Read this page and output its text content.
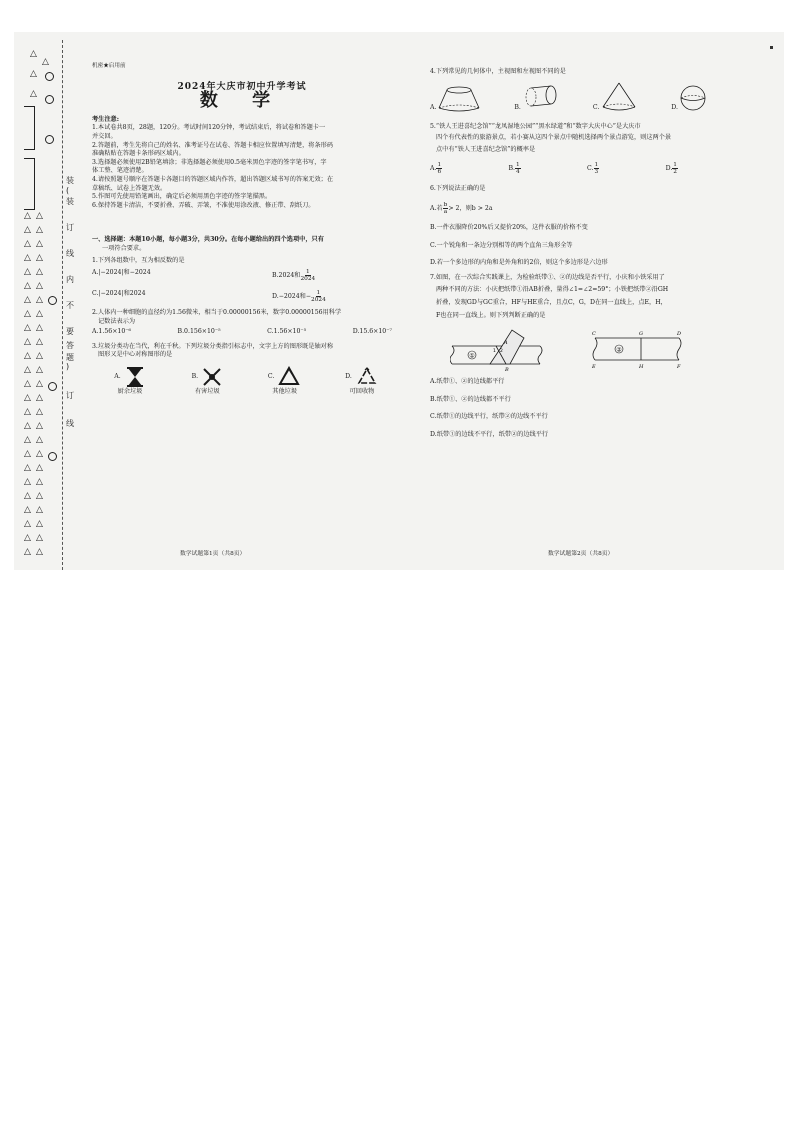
△
△
△
△
△ △
△ △
△ △
△ △
△ △
△ △
△ △
△ △
△ △
△ △
△ △
△ △
△ △
△ △
△ △
△ △
△ △
△ △
△ △
△ △
△ △
△ △
△ △
△ △
△ △
装
(
装
订
线
内
不
要
答
题
)
订
线

机密★启用前

2024年大庆市初中升学考试
数 学

考生注意:

1.本试卷共8页，28题，120分。考试时间120分钟，考试结束后，将试卷和答题卡一

并交回。

2.答题前，考生先将自己的姓名、准考证号在试卷、答题卡相应位置填写清楚，将条形码

准确粘贴在答题卡条形码区域内。

3.选择题必须使用2B铅笔填涂；非选择题必须使用0.5毫米黑色字迹的签字笔书写，字

体工整、笔迹清楚。

4.请按照题号顺序在答题卡各题目的答题区域内作答，超出答题区域书写的答案无效；在

草稿纸、试卷上答题无效。

5.作图可先使用铅笔画出，确定后必须用黑色字迹的签字笔描黑。

6.保持答题卡清洁，不要折叠、弄破、弄皱，不准使用涂改液、修正带、刮纸刀。

一、选择题：本题10小题，每小题3分，共30分。在每小题给出的四个选项中，只有

一项符合要求。

1.下列各组数中，互为相反数的是

A.|−2024|和−2024	B.2024和 $\frac{1}{2024}$
C.|−2024|和2024	D.−2024和− $\frac{1}{2024}$

2.人体内一种细胞的直径约为1.56微米，相当于0.00000156米，数字0.00000156用科学

记数法表示为

A.1.56×10⁻⁶	B.0.156×10⁻⁵	C.1.56×10⁻⁵	D.15.6×10⁻⁷

3.垃圾分类功在当代，利在千秋。下列垃圾分类指引标志中，文字上方的图形既是轴对称

图形又是中心对称图形的是

A.
厨余垃圾
B.
有害垃圾
C.
其他垃圾
D.
可回收物
数学试题第1页（共8页）

4.下列常见的几何体中，主视图和左视图不同的是

A.	B.	C.	D.

5.“铁人王进喜纪念馆”“龙凤湿地公园”“黑水绿道”和“数字大庆中心”是大庆市

四个有代表性的旅游景点，若小赛从这四个景点中随机选择两个景点游览，则这两个景

点中有“铁人王进喜纪念馆”的概率是

A. $\frac{1}{6}$	B. $\frac{1}{4}$	C. $\frac{1}{3}$	D. $\frac{1}{2}$

6.下列说法正确的是

A.若 $\frac{b}{a} > 2$，则b > 2a

B.一件衣服降价20%后又提价20%，这件衣服的价格不变

C.一个锐角和一条边分别相等的两个直角三角形全等

D.若一个多边形的内角和是外角和的2倍，则这个多边形是六边形

7.如图，在一次综合实践课上，为检验纸带①、②的边线是否平行，小庆和小铁采用了

两种不同的方法：小庆把纸带①沿AB折叠，量得∠1=∠2=59°；小铁把纸带②沿GH

折叠，发现GD与GC重合，HF与HE重合，且点C，G，D在同一直线上，点E，H，

F也在同一直线上。则下列判断正确的是

①
A
B
1 2	②
C	G	D
E	H	F

A.纸带①、②的边线都平行

B.纸带①、②的边线都不平行

C.纸带①的边线平行，纸带②的边线不平行

D.纸带①的边线不平行，纸带②的边线平行

数学试题第2页（共8页）
